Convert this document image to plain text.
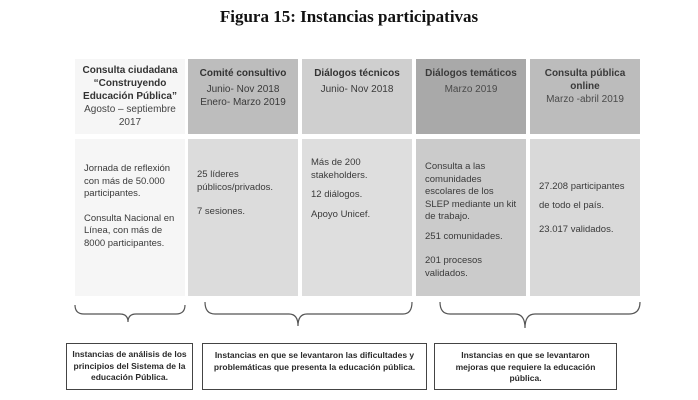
Figura 15: Instancias participativas
Consulta ciudadana “Construyendo Educación Pública”
Agosto – septiembre 2017

Jornada de reflexión con más de 50.000 participantes.

Consulta Nacional en Línea, con más de 8000 participantes.

Comité consultivo
Junio- Nov 2018
Enero- Marzo 2019

25 líderes públicos/privados.

7 sesiones.

Diálogos técnicos
Junio- Nov 2018

Más de 200 stakeholders.

12 diálogos.

Apoyo Unicef.

Diálogos temáticos
Marzo 2019

Consulta a las comunidades escolares de los SLEP mediante un kit de trabajo.

251 comunidades.

201 procesos validados.

Consulta pública online
Marzo -abril 2019

27.208 participantes de todo el país.

23.017 validados.

Instancias de análisis de los principios del Sistema de la educación Pública.
Instancias en que se levantaron las dificultades y problemáticas que presenta la educación pública.
Instancias en que se levantaron mejoras que requiere la educación pública.
